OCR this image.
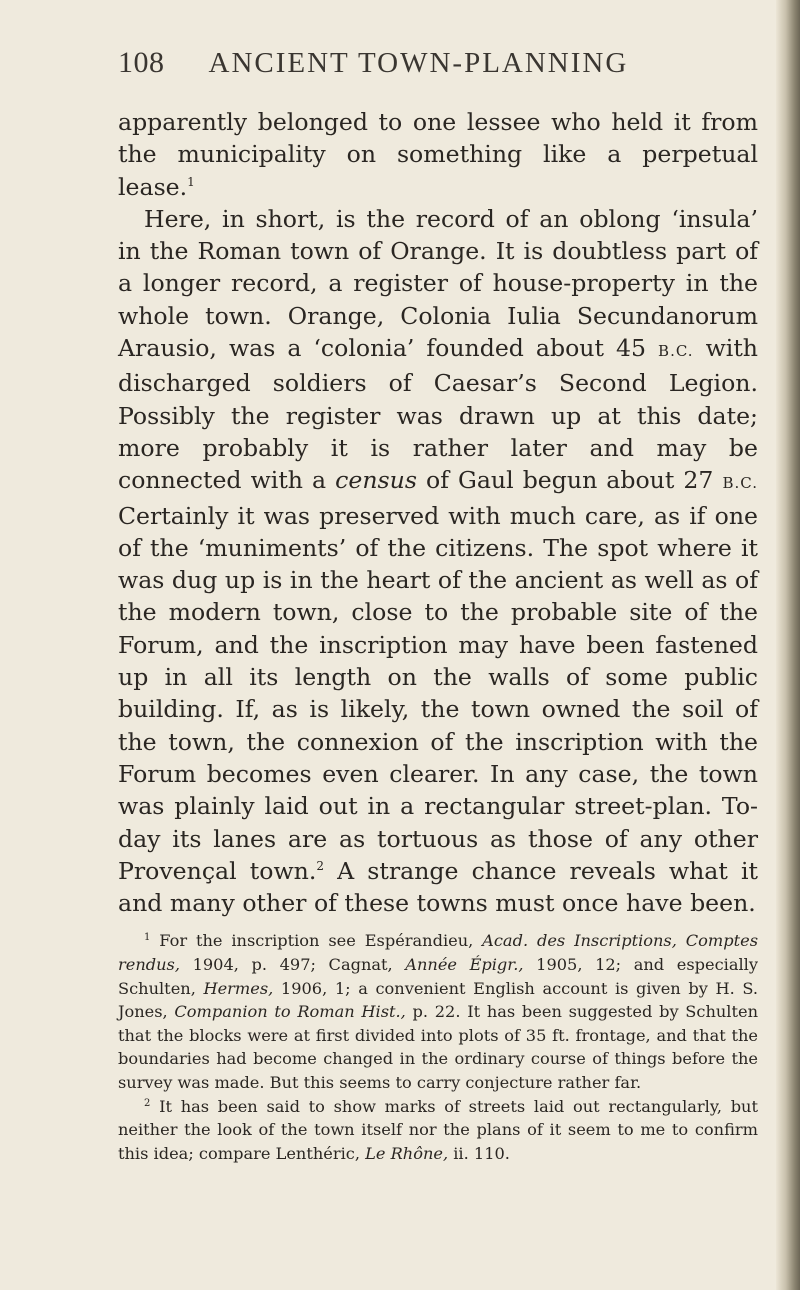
108 ANCIENT TOWN-PLANNING

apparently belonged to one lessee who held it from the municipality on something like a perpetual lease.$^1$

Here, in short, is the record of an oblong ‘insula’ in the Roman town of Orange. It is doubtless part of a longer record, a register of house-property in the whole town. Orange, Colonia Iulia Secundanorum Arausio, was a ‘colonia’ founded about 45 B.C. with discharged soldiers of Caesar’s Second Legion. Possibly the register was drawn up at this date; more probably it is rather later and may be connected with a census of Gaul begun about 27 B.C. Certainly it was preserved with much care, as if one of the ‘muniments’ of the citizens. The spot where it was dug up is in the heart of the ancient as well as of the modern town, close to the probable site of the Forum, and the inscription may have been fastened up in all its length on the walls of some public building. If, as is likely, the town owned the soil of the town, the connexion of the inscription with the Forum becomes even clearer. In any case, the town was plainly laid out in a rectangular street-plan. To-day its lanes are as tortuous as those of any other Provençal town.$^2$ A strange chance reveals what it and many other of these towns must once have been.

$^1$ For the inscription see Espérandieu, Acad. des Inscriptions, Comptes rendus, 1904, p. 497; Cagnat, Année Épigr., 1905, 12; and especially Schulten, Hermes, 1906, 1; a convenient English account is given by H. S. Jones, Companion to Roman Hist., p. 22. It has been suggested by Schulten that the blocks were at first divided into plots of 35 ft. frontage, and that the boundaries had become changed in the ordinary course of things before the survey was made. But this seems to carry conjecture rather far.

$^2$ It has been said to show marks of streets laid out rectangularly, but neither the look of the town itself nor the plans of it seem to me to confirm this idea; compare Lenthéric, Le Rhône, ii. 110.
